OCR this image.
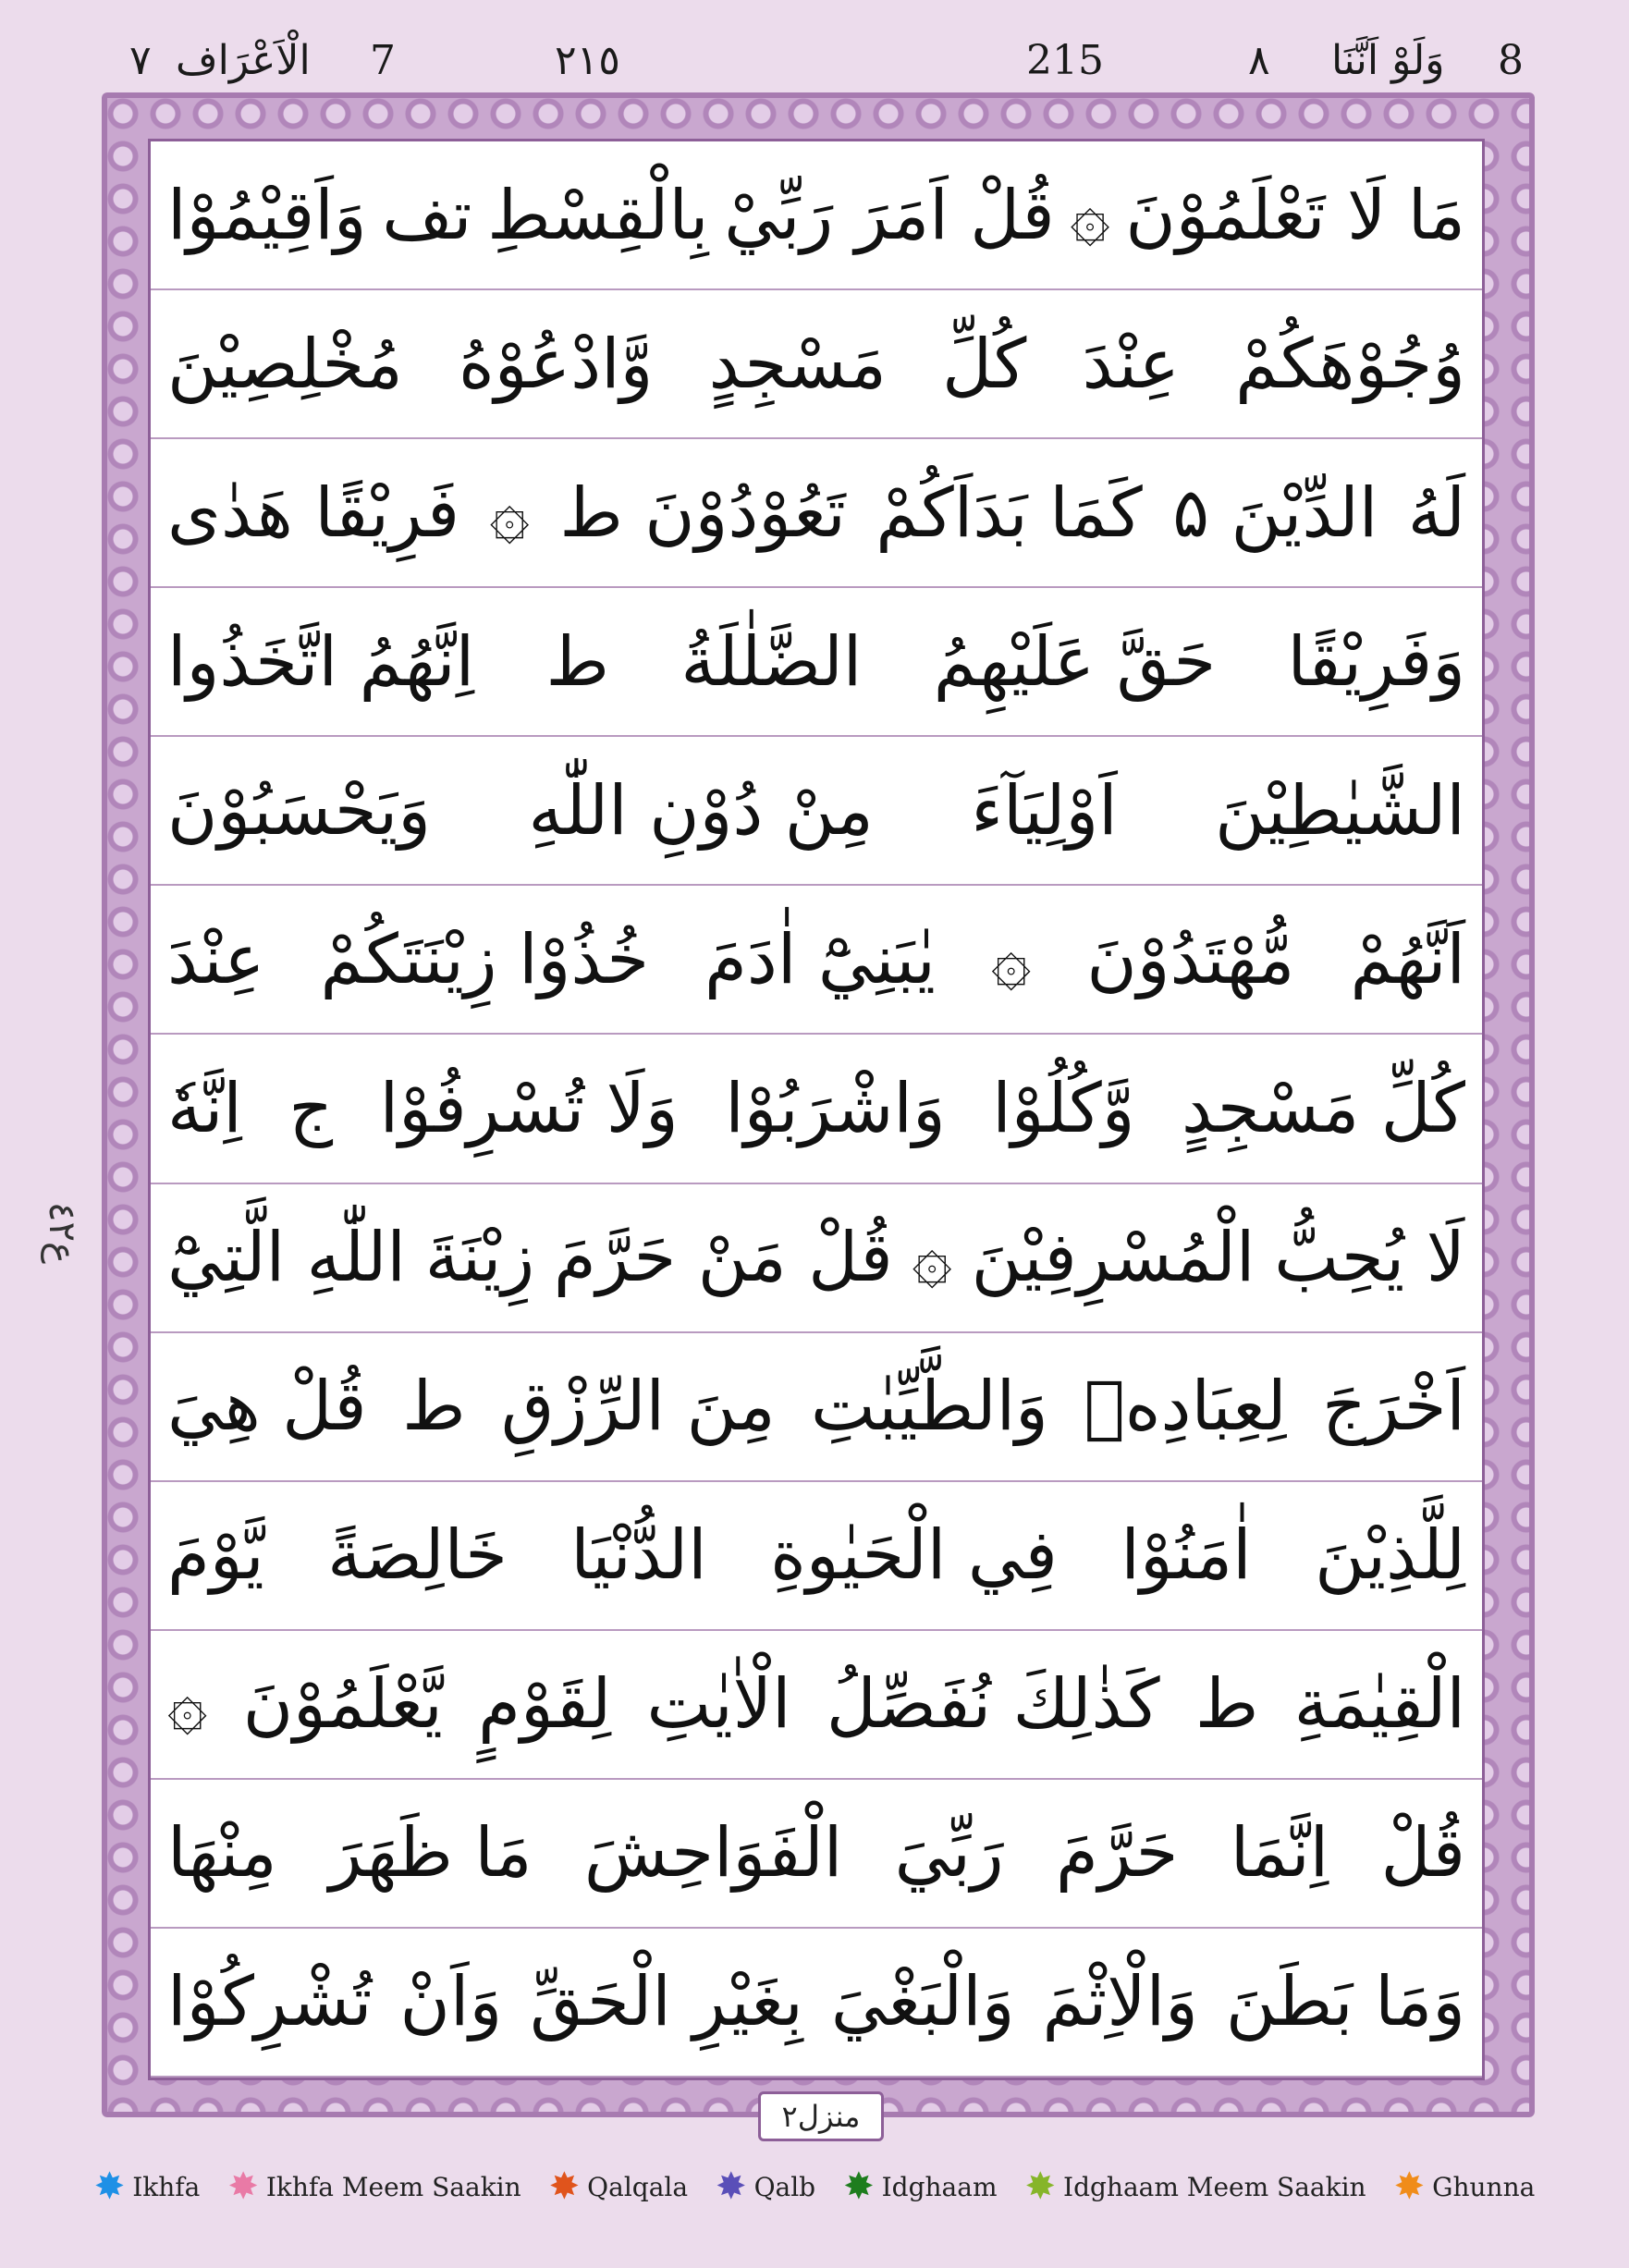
8
وَلَوْ اَنَّنَا
٨
215
٢١٥
7
الْاَعْرَاف
٧
مَا لَا تَعْلَمُوْنَ
۞
قُلْ اَمَرَ رَبِّيْ
بِالْقِسْطِ
تف
وَاَقِيْمُوْا
وُجُوْهَكُمْ
عِنْدَ
كُلِّ
مَسْجِدٍ
وَّادْعُوْهُ
مُخْلِصِيْنَ
لَهُ
الدِّيْنَ ۵
كَمَا بَدَاَكُمْ
تَعُوْدُوْنَ ط
۞
فَرِيْقًا هَدٰى
وَفَرِيْقًا
حَقَّ عَلَيْهِمُ
الضَّلٰلَةُ
ط
اِنَّهُمُ اتَّخَذُوا
الشَّيٰطِيْنَ
اَوْلِيَآءَ
مِنْ دُوْنِ اللّٰهِ
وَيَحْسَبُوْنَ
اَنَّهُمْ
مُّهْتَدُوْنَ
۞
يٰبَنِيْٓ اٰدَمَ
خُذُوْا زِيْنَتَكُمْ
عِنْدَ
كُلِّ مَسْجِدٍ
وَّكُلُوْا
وَاشْرَبُوْا
وَلَا تُسْرِفُوْا
ج
اِنَّهٗ
لَا يُحِبُّ
الْمُسْرِفِيْنَ
۞
قُلْ مَنْ حَرَّمَ
زِيْنَةَ
اللّٰهِ الَّتِيْٓ
اَخْرَجَ
لِعِبَادِهٖ
وَالطَّيِّبٰتِ
مِنَ الرِّزْقِ
ط
قُلْ هِيَ
لِلَّذِيْنَ
اٰمَنُوْا
فِي الْحَيٰوةِ
الدُّنْيَا
خَالِصَةً
يَّوْمَ
الْقِيٰمَةِ
ط
كَذٰلِكَ نُفَصِّلُ
الْاٰيٰتِ
لِقَوْمٍ
يَّعْلَمُوْنَ
۞
قُلْ
اِنَّمَا
حَرَّمَ
رَبِّيَ
الْفَوَاحِشَ
مَا ظَهَرَ
مِنْهَا
وَمَا بَطَنَ
وَالْاِثْمَ
وَالْبَغْيَ
بِغَيْرِ الْحَقِّ
وَاَنْ
تُشْرِكُوْا
ع٤٢
منزل٢
✸ Ikhfa ✸ Ikhfa Meem Saakin ✸ Qalqala ✸ Qalb ✸ Idghaam ✸ Idghaam Meem Saakin ✸ Ghunna
